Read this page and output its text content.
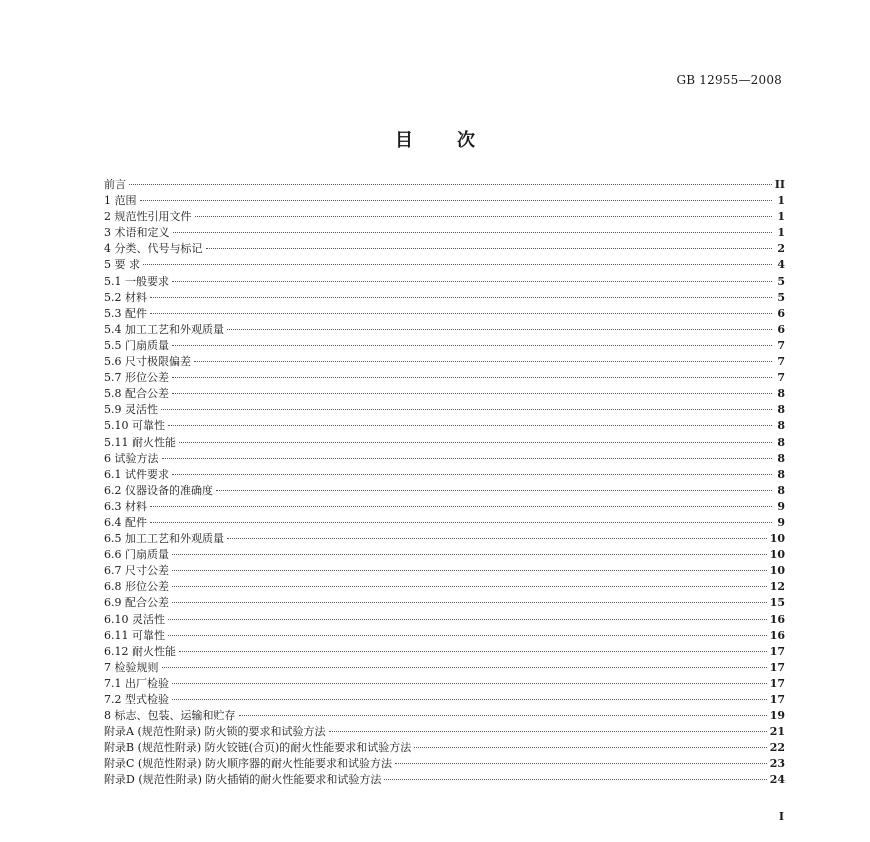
GB 12955—2008
目次
前言	II
1 范围	1
2 规范性引用文件	1
3 术语和定义	1
4 分类、代号与标记	2
5 要 求	4
5.1 一般要求	5
5.2 材料	5
5.3 配件	6
5.4 加工工艺和外观质量	6
5.5 门扇质量	7
5.6 尺寸极限偏差	7
5.7 形位公差	7
5.8 配合公差	8
5.9 灵活性	8
5.10 可靠性	8
5.11 耐火性能	8
6 试验方法	8
6.1 试件要求	8
6.2 仪器设备的准确度	8
6.3 材料	9
6.4 配件	9
6.5 加工工艺和外观质量	10
6.6 门扇质量	10
6.7 尺寸公差	10
6.8 形位公差	12
6.9 配合公差	15
6.10 灵活性	16
6.11 可靠性	16
6.12 耐火性能	17
7 检验规则	17
7.1 出厂检验	17
7.2 型式检验	17
8 标志、包装、运输和贮存	19
附录A (规范性附录) 防火锁的要求和试验方法	21
附录B (规范性附录) 防火铰链(合页)的耐火性能要求和试验方法	22
附录C (规范性附录) 防火顺序器的耐火性能要求和试验方法	23
附录D (规范性附录) 防火插销的耐火性能要求和试验方法	24
I
